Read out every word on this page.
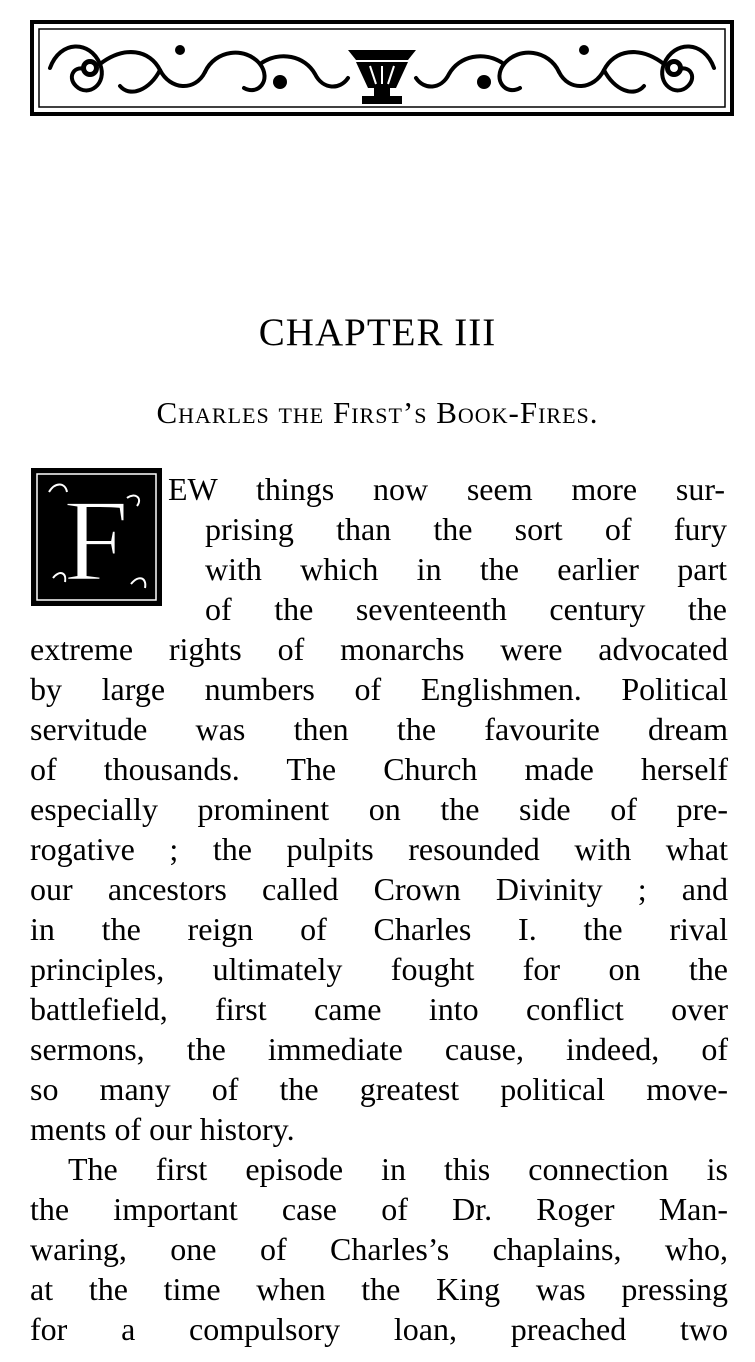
CHAPTER III
Charles the First’s Book-Fires.
F EW things now seem more sur-
prising than the sort of fury
with which in the earlier part
of the seventeenth century the
extreme rights of monarchs were advocated
by large numbers of Englishmen. Political
servitude was then the favourite dream
of thousands. The Church made herself
especially prominent on the side of pre-
rogative ; the pulpits resounded with what
our ancestors called Crown Divinity ; and
in the reign of Charles I. the rival
principles, ultimately fought for on the
battlefield, first came into conflict over
sermons, the immediate cause, indeed, of
so many of the greatest political move-
ments of our history.
The first episode in this connection is
the important case of Dr. Roger Man-
waring, one of Charles’s chaplains, who,
at the time when the King was pressing
for a compulsory loan, preached two
